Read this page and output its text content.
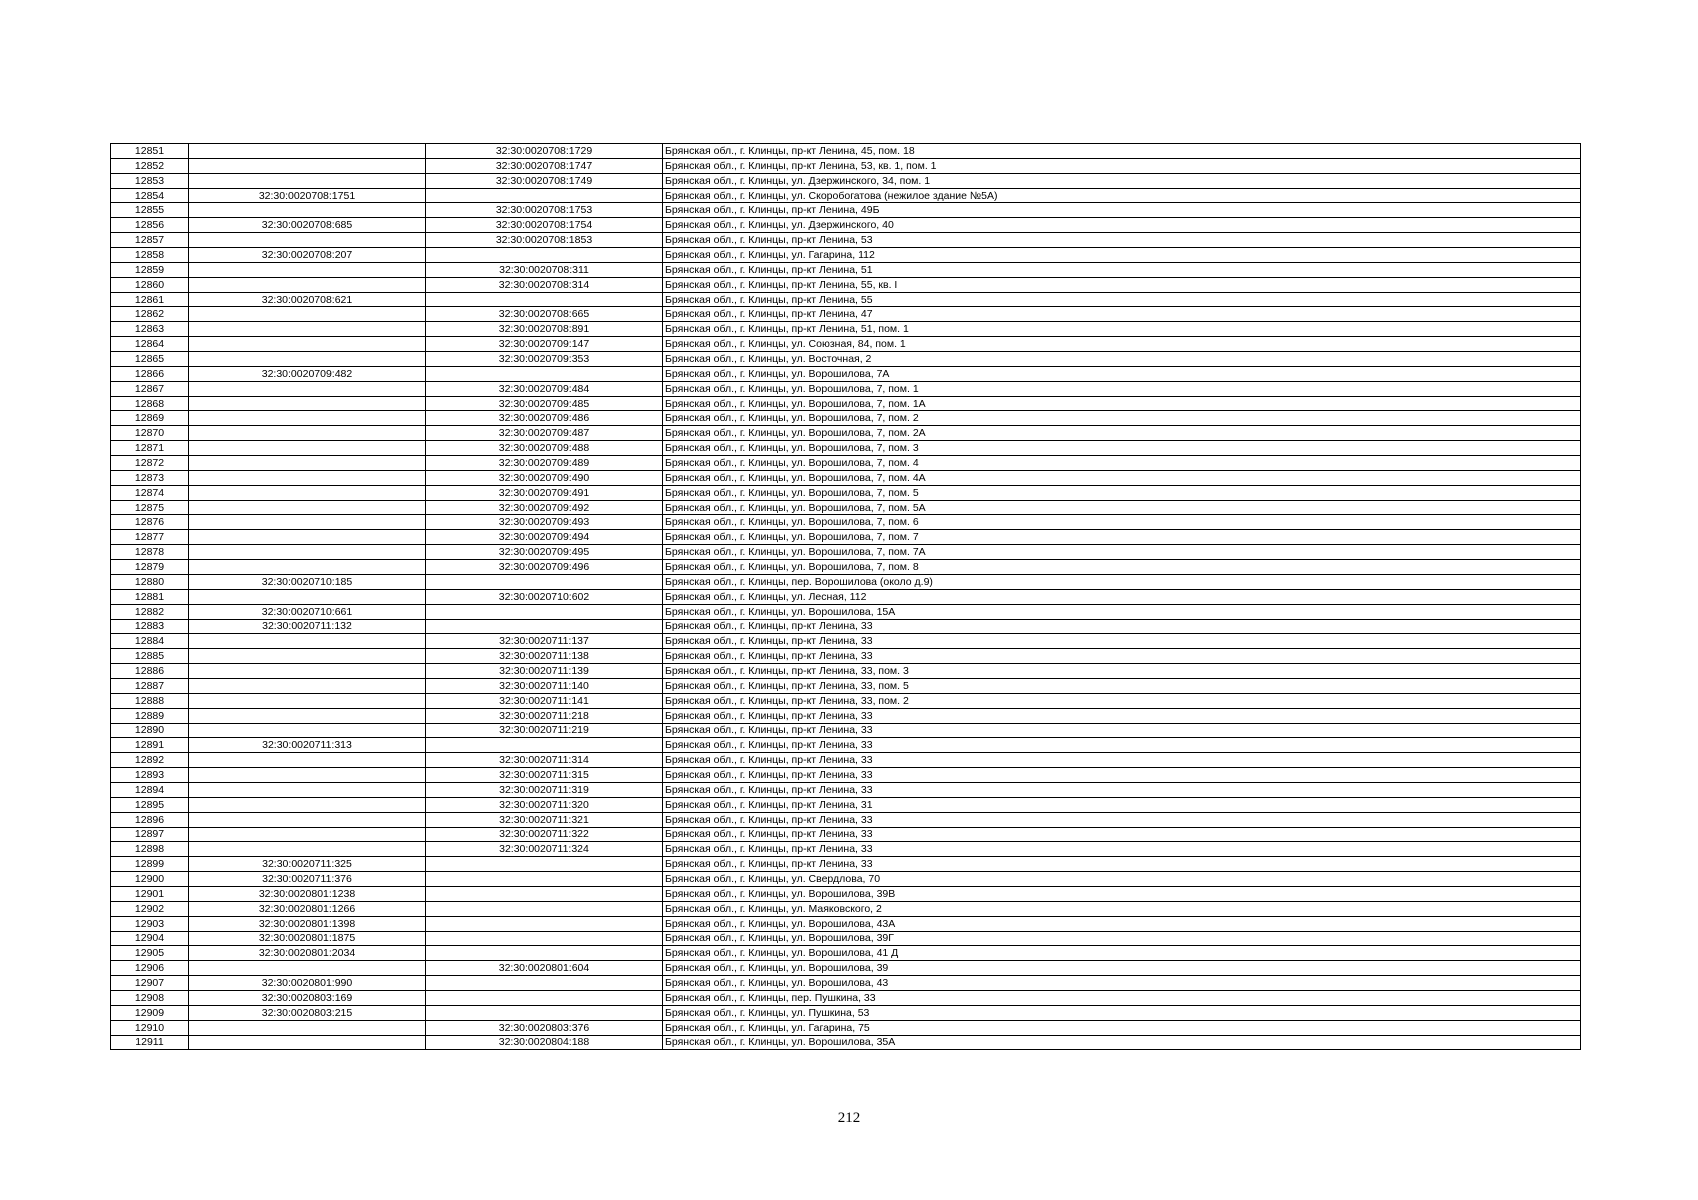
12851		32:30:0020708:1729	Брянская обл., г. Клинцы, пр-кт Ленина, 45, пом. 18
12852		32:30:0020708:1747	Брянская обл., г. Клинцы, пр-кт Ленина, 53, кв. 1, пом. 1
12853		32:30:0020708:1749	Брянская обл., г. Клинцы, ул. Дзержинского, 34, пом. 1
12854	32:30:0020708:1751		Брянская обл., г. Клинцы, ул. Скоробогатова (нежилое здание №5А)
12855		32:30:0020708:1753	Брянская обл., г. Клинцы, пр-кт Ленина, 49Б
12856	32:30:0020708:685	32:30:0020708:1754	Брянская обл., г. Клинцы, ул. Дзержинского, 40
12857		32:30:0020708:1853	Брянская обл., г. Клинцы, пр-кт Ленина, 53
12858	32:30:0020708:207		Брянская обл., г. Клинцы, ул. Гагарина, 112
12859		32:30:0020708:311	Брянская обл., г. Клинцы, пр-кт Ленина, 51
12860		32:30:0020708:314	Брянская обл., г. Клинцы, пр-кт Ленина, 55, кв. I
12861	32:30:0020708:621		Брянская обл., г. Клинцы, пр-кт Ленина, 55
12862		32:30:0020708:665	Брянская обл., г. Клинцы, пр-кт Ленина, 47
12863		32:30:0020708:891	Брянская обл., г. Клинцы, пр-кт Ленина, 51, пом. 1
12864		32:30:0020709:147	Брянская обл., г. Клинцы, ул. Союзная, 84, пом. 1
12865		32:30:0020709:353	Брянская обл., г. Клинцы, ул. Восточная, 2
12866	32:30:0020709:482		Брянская обл., г. Клинцы, ул. Ворошилова, 7А
12867		32:30:0020709:484	Брянская обл., г. Клинцы, ул. Ворошилова, 7, пом. 1
12868		32:30:0020709:485	Брянская обл., г. Клинцы, ул. Ворошилова, 7, пом. 1А
12869		32:30:0020709:486	Брянская обл., г. Клинцы, ул. Ворошилова, 7, пом. 2
12870		32:30:0020709:487	Брянская обл., г. Клинцы, ул. Ворошилова, 7, пом. 2А
12871		32:30:0020709:488	Брянская обл., г. Клинцы, ул. Ворошилова, 7, пом. 3
12872		32:30:0020709:489	Брянская обл., г. Клинцы, ул. Ворошилова, 7, пом. 4
12873		32:30:0020709:490	Брянская обл., г. Клинцы, ул. Ворошилова, 7, пом. 4А
12874		32:30:0020709:491	Брянская обл., г. Клинцы, ул. Ворошилова, 7, пом. 5
12875		32:30:0020709:492	Брянская обл., г. Клинцы, ул. Ворошилова, 7, пом. 5А
12876		32:30:0020709:493	Брянская обл., г. Клинцы, ул. Ворошилова, 7, пом. 6
12877		32:30:0020709:494	Брянская обл., г. Клинцы, ул. Ворошилова, 7, пом. 7
12878		32:30:0020709:495	Брянская обл., г. Клинцы, ул. Ворошилова, 7, пом. 7А
12879		32:30:0020709:496	Брянская обл., г. Клинцы, ул. Ворошилова, 7, пом. 8
12880	32:30:0020710:185		Брянская обл., г. Клинцы, пер. Ворошилова (около д.9)
12881		32:30:0020710:602	Брянская обл., г. Клинцы, ул. Лесная, 112
12882	32:30:0020710:661		Брянская обл., г. Клинцы, ул. Ворошилова, 15А
12883	32:30:0020711:132		Брянская обл., г. Клинцы, пр-кт Ленина, 33
12884		32:30:0020711:137	Брянская обл., г. Клинцы, пр-кт Ленина, 33
12885		32:30:0020711:138	Брянская обл., г. Клинцы, пр-кт Ленина, 33
12886		32:30:0020711:139	Брянская обл., г. Клинцы, пр-кт Ленина, 33, пом. 3
12887		32:30:0020711:140	Брянская обл., г. Клинцы, пр-кт Ленина, 33, пом. 5
12888		32:30:0020711:141	Брянская обл., г. Клинцы, пр-кт Ленина, 33, пом. 2
12889		32:30:0020711:218	Брянская обл., г. Клинцы, пр-кт Ленина, 33
12890		32:30:0020711:219	Брянская обл., г. Клинцы, пр-кт Ленина, 33
12891	32:30:0020711:313		Брянская обл., г. Клинцы, пр-кт Ленина, 33
12892		32:30:0020711:314	Брянская обл., г. Клинцы, пр-кт Ленина, 33
12893		32:30:0020711:315	Брянская обл., г. Клинцы, пр-кт Ленина, 33
12894		32:30:0020711:319	Брянская обл., г. Клинцы, пр-кт Ленина, 33
12895		32:30:0020711:320	Брянская обл., г. Клинцы, пр-кт Ленина, 31
12896		32:30:0020711:321	Брянская обл., г. Клинцы, пр-кт Ленина, 33
12897		32:30:0020711:322	Брянская обл., г. Клинцы, пр-кт Ленина, 33
12898		32:30:0020711:324	Брянская обл., г. Клинцы, пр-кт Ленина, 33
12899	32:30:0020711:325		Брянская обл., г. Клинцы, пр-кт Ленина, 33
12900	32:30:0020711:376		Брянская обл., г. Клинцы, ул. Свердлова, 70
12901	32:30:0020801:1238		Брянская обл., г. Клинцы, ул. Ворошилова, 39В
12902	32:30:0020801:1266		Брянская обл., г. Клинцы, ул. Маяковского, 2
12903	32:30:0020801:1398		Брянская обл., г. Клинцы, ул. Ворошилова, 43А
12904	32:30:0020801:1875		Брянская обл., г. Клинцы, ул. Ворошилова, 39Г
12905	32:30:0020801:2034		Брянская обл., г. Клинцы, ул. Ворошилова, 41 Д
12906		32:30:0020801:604	Брянская обл., г. Клинцы, ул. Ворошилова, 39
12907	32:30:0020801:990		Брянская обл., г. Клинцы, ул. Ворошилова, 43
12908	32:30:0020803:169		Брянская обл., г. Клинцы, пер. Пушкина, 33
12909	32:30:0020803:215		Брянская обл., г. Клинцы, ул. Пушкина, 53
12910		32:30:0020803:376	Брянская обл., г. Клинцы, ул. Гагарина, 75
12911		32:30:0020804:188	Брянская обл., г. Клинцы, ул. Ворошилова, 35А
212
